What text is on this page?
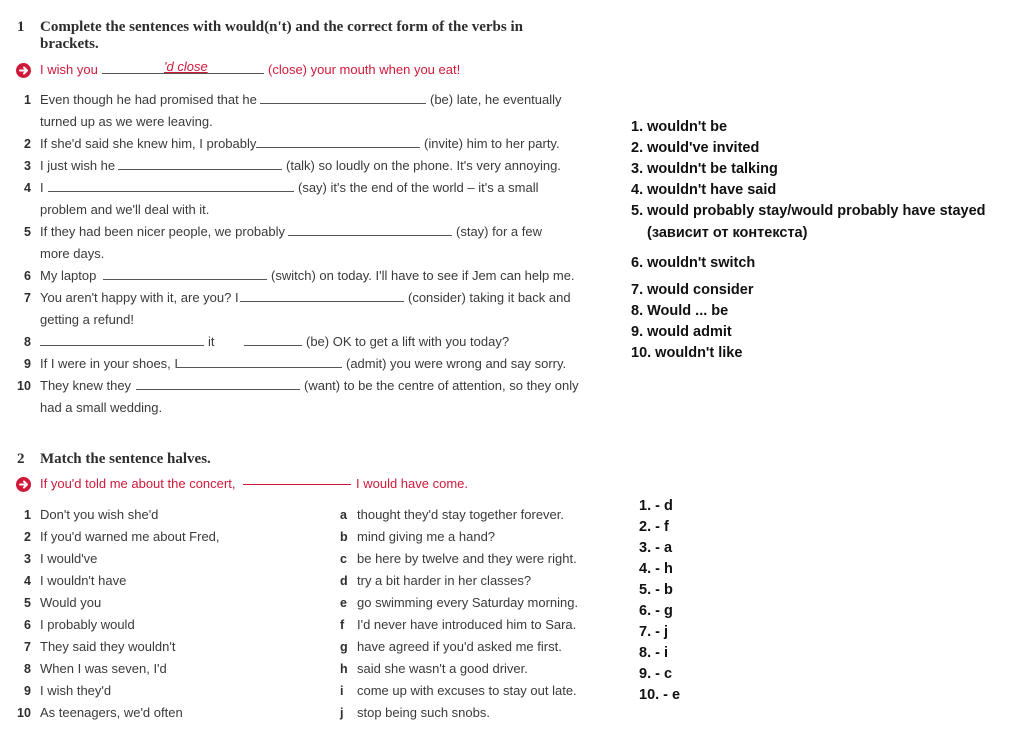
1 Complete the sentences with would(n't) and the correct form of the verbs in
brackets.
I wish you	'd close	(close) your mouth when you eat!
1 Even though he had promised that he	(be) late, he eventually
turned up as we were leaving.
2 If she'd said she knew him, I probably	(invite) him to her party.
3 I just wish he	(talk) so loudly on the phone. It's very annoying.
4 I	(say) it's the end of the world – it's a small
problem and we'll deal with it.
5 If they had been nicer people, we probably	(stay) for a few
more days.
6 My laptop	(switch) on today. I'll have to see if Jem can help me.
7 You aren't happy with it, are you? I	(consider) taking it back and
getting a refund!
8	it	(be) OK to get a lift with you today?
9 If I were in your shoes, I	(admit) you were wrong and say sorry.
10 They knew they	(want) to be the centre of attention, so they only
had a small wedding.
1. wouldn't be
2. would've invited
3. wouldn't be talking
4. wouldn't have said
5. would probably stay/would probably have stayed
(зависит от контекста)
6. wouldn't switch
7. would consider
8. Would ... be
9. would admit
10. wouldn't like
2 Match the sentence halves.
If you'd told me about the concert,	I would have come.
1 Don't you wish she'd	a thought they'd stay together forever.
2 If you'd warned me about Fred,	b mind giving me a hand?
3 I would've	c be here by twelve and they were right.
4 I wouldn't have	d try a bit harder in her classes?
5 Would you	e go swimming every Saturday morning.
6 I probably would	f I'd never have introduced him to Sara.
7 They said they wouldn't	g have agreed if you'd asked me first.
8 When I was seven, I'd	h said she wasn't a good driver.
9 I wish they'd	i come up with excuses to stay out late.
10 As teenagers, we'd often	j stop being such snobs.
1. - d
2. - f
3. - a
4. - h
5. - b
6. - g
7. - j
8. - i
9. - c
10. - e
